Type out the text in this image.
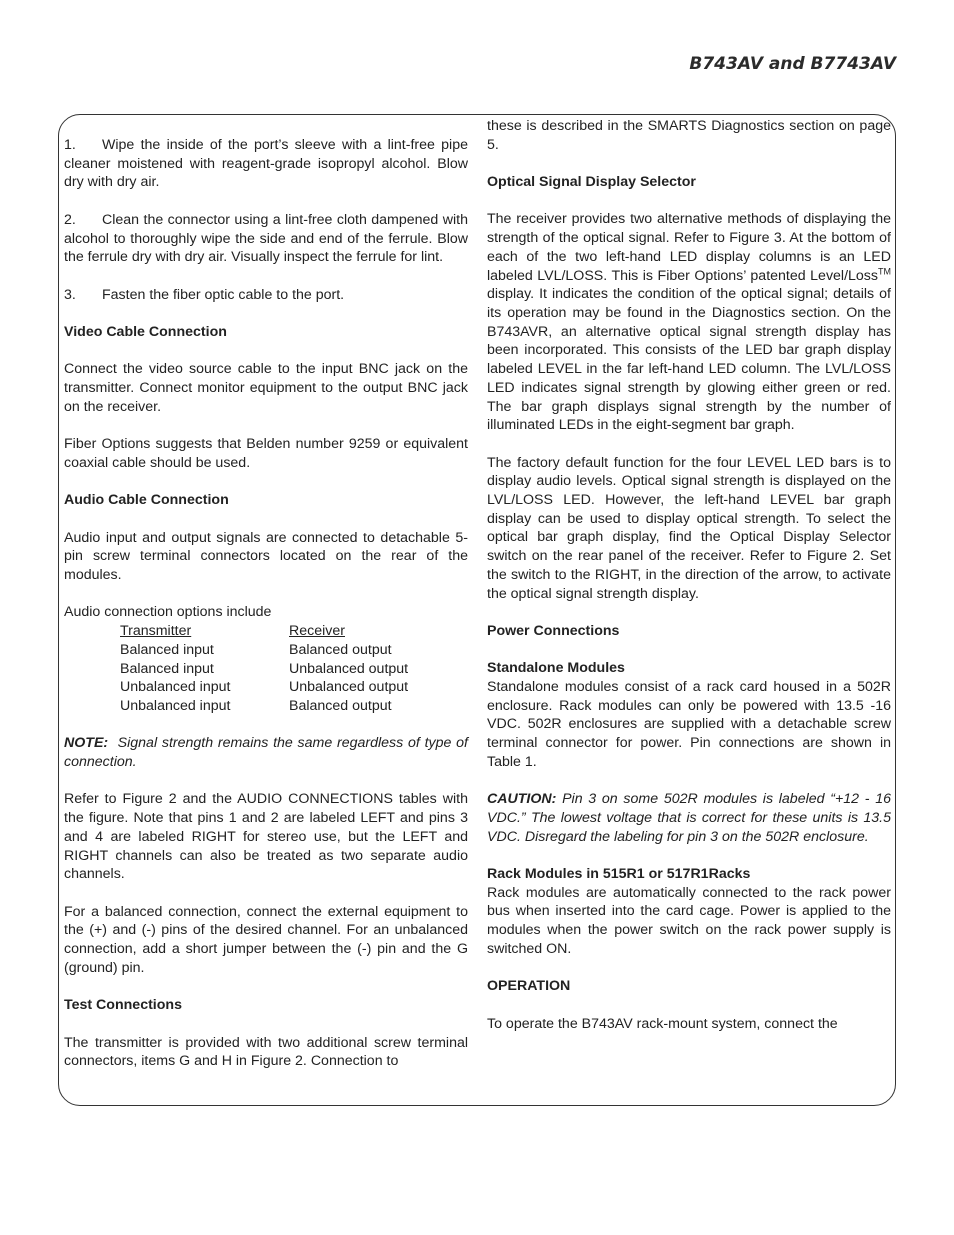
B743AV and B7743AV

1. Wipe the inside of the port’s sleeve with a lint-free pipe cleaner moistened with reagent-grade isopropyl alcohol. Blow dry with dry air.

2. Clean the connector using a lint-free cloth dampened with alcohol to thoroughly wipe the side and end of the ferrule. Blow the ferrule dry with dry air. Visually inspect the ferrule for lint.

3. Fasten the fiber optic cable to the port.

Video Cable Connection

Connect the video source cable to the input BNC jack on the transmitter. Connect monitor equipment to the output BNC jack on the receiver.

Fiber Options suggests that Belden number 9259 or equivalent coaxial cable should be used.

Audio Cable Connection

Audio input and output signals are connected to detachable 5-pin screw terminal connectors located on the rear of the modules.

Audio connection options include

Transmitter	Receiver
Balanced input	Balanced output
Balanced input	Unbalanced output
Unbalanced input	Unbalanced output
Unbalanced input	Balanced output

NOTE: Signal strength remains the same regardless of type of connection.

Refer to Figure 2 and the AUDIO CONNECTIONS tables with the figure. Note that pins 1 and 2 are labeled LEFT and pins 3 and 4 are labeled RIGHT for stereo use, but the LEFT and RIGHT channels can also be treated as two separate audio channels.

For a balanced connection, connect the external equipment to the (+) and (-) pins of the desired channel. For an unbalanced connection, add a short jumper between the (-) pin and the G (ground) pin.

Test Connections

The transmitter is provided with two additional screw terminal connectors, items G and H in Figure 2. Connection to

these is described in the SMARTS Diagnostics section on page 5.

Optical Signal Display Selector

The receiver provides two alternative methods of displaying the strength of the optical signal. Refer to Figure 3. At the bottom of each of the two left-hand LED display columns is an LED labeled LVL/LOSS. This is Fiber Options’ patented Level/Loss™ display. It indicates the condition of the optical signal; details of its operation may be found in the Diagnostics section. On the B743AVR, an alternative optical signal strength display has been incorporated. This consists of the LED bar graph display labeled LEVEL in the far left-hand LED column. The LVL/LOSS LED indicates signal strength by glowing either green or red. The bar graph displays signal strength by the number of illuminated LEDs in the eight-segment bar graph.

The factory default function for the four LEVEL LED bars is to display audio levels. Optical signal strength is displayed on the LVL/LOSS LED. However, the left-hand LEVEL bar graph display can be used to display optical strength. To select the optical bar graph display, find the Optical Display Selector switch on the rear panel of the receiver. Refer to Figure 2. Set the switch to the RIGHT, in the direction of the arrow, to activate the optical signal strength display.

Power Connections

Standalone Modules

Standalone modules consist of a rack card housed in a 502R enclosure. Rack modules can only be powered with 13.5 -16 VDC. 502R enclosures are supplied with a detachable screw terminal connector for power. Pin connections are shown in Table 1.

CAUTION: Pin 3 on some 502R modules is labeled “+12 - 16 VDC.” The lowest voltage that is correct for these units is 13.5 VDC. Disregard the labeling for pin 3 on the 502R enclosure.

Rack Modules in 515R1 or 517R1Racks

Rack modules are automatically connected to the rack power bus when inserted into the card cage. Power is applied to the modules when the power switch on the rack power supply is switched ON.

OPERATION

To operate the B743AV rack-mount system, connect the
